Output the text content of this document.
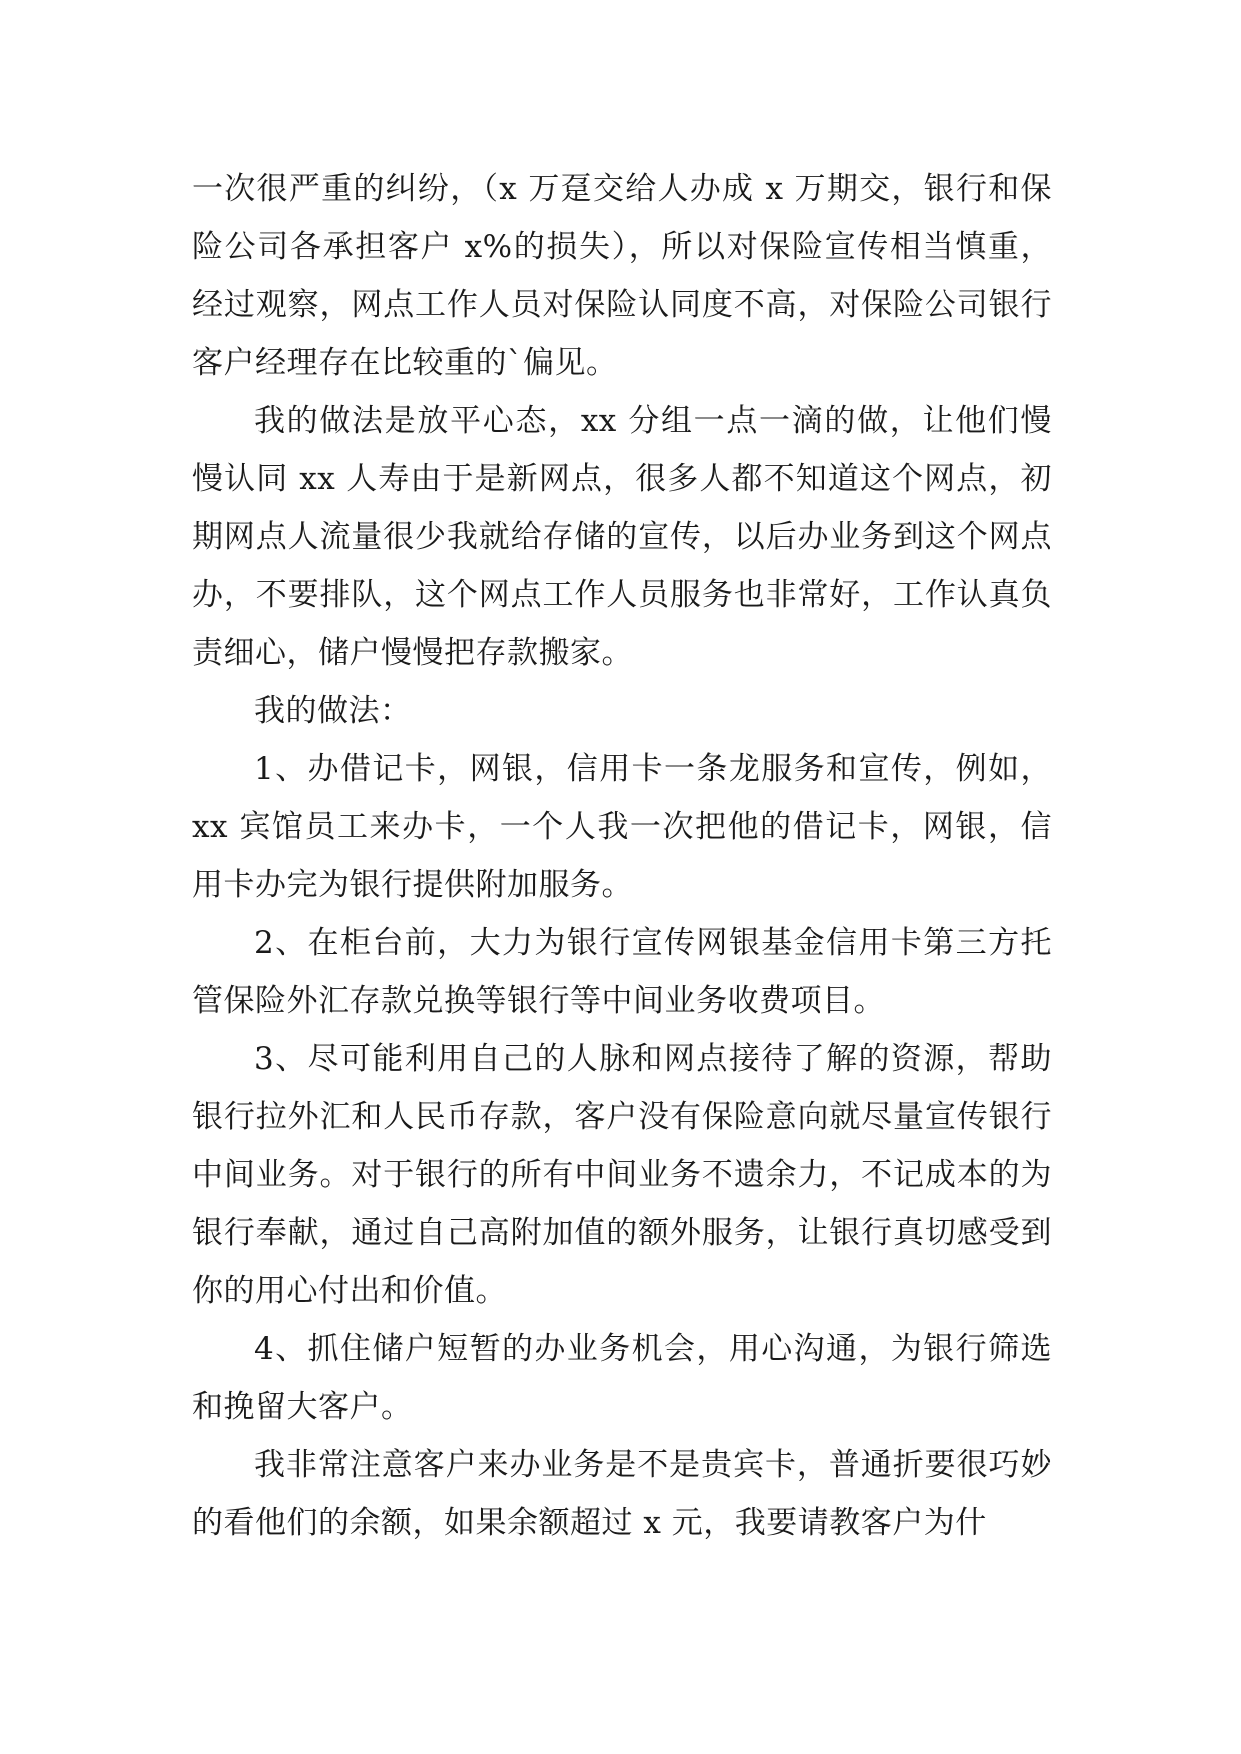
一次很严重的纠纷，（x 万趸交给人办成 x 万期交，银行和保险公司各承担客户 x%的损失），所以对保险宣传相当慎重，经过观察，网点工作人员对保险认同度不高，对保险公司银行客户经理存在比较重的`偏见。

我的做法是放平心态，xx 分组一点一滴的做，让他们慢慢认同 xx 人寿由于是新网点，很多人都不知道这个网点，初期网点人流量很少我就给存储的宣传，以后办业务到这个网点办，不要排队，这个网点工作人员服务也非常好，工作认真负责细心，储户慢慢把存款搬家。

我的做法：

1、办借记卡，网银，信用卡一条龙服务和宣传，例如，xx 宾馆员工来办卡，一个人我一次把他的借记卡，网银，信用卡办完为银行提供附加服务。

2、在柜台前，大力为银行宣传网银基金信用卡第三方托管保险外汇存款兑换等银行等中间业务收费项目。

3、尽可能利用自己的人脉和网点接待了解的资源，帮助银行拉外汇和人民币存款，客户没有保险意向就尽量宣传银行中间业务。对于银行的所有中间业务不遗余力，不记成本的为银行奉献，通过自己高附加值的额外服务，让银行真切感受到你的用心付出和价值。

4、抓住储户短暂的办业务机会，用心沟通，为银行筛选和挽留大客户。

我非常注意客户来办业务是不是贵宾卡，普通折要很巧妙的看他们的余额，如果余额超过 x 元，我要请教客户为什
